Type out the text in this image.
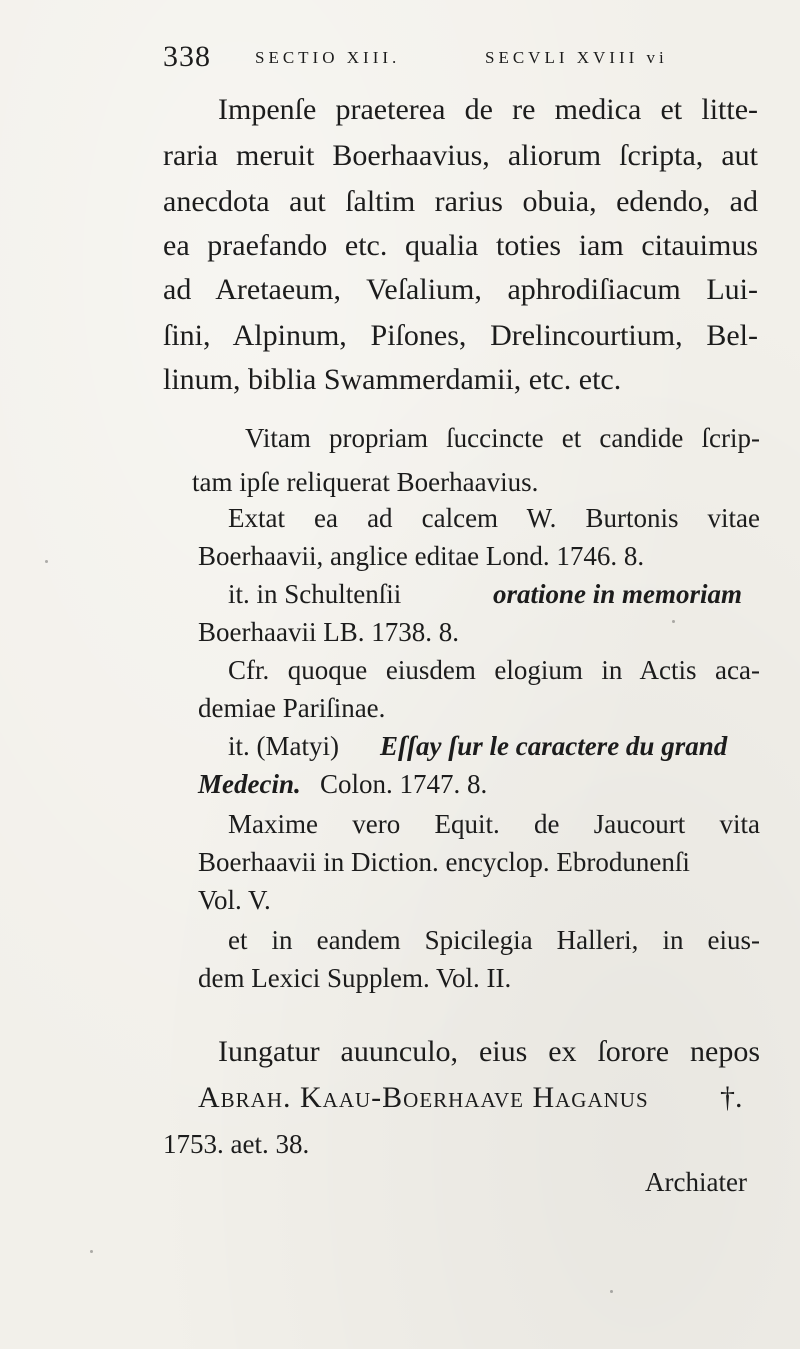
338	SECTIO XIII.	SECVLI XVIII vi
Impenſe praeterea de re medica et litte-
raria meruit Boerhaavius, aliorum ſcripta, aut
anecdota aut ſaltim rarius obuia, edendo, ad
ea praefando etc. qualia toties iam citauimus
ad Aretaeum, Veſalium, aphrodiſiacum Lui-
ſini, Alpinum, Piſones, Drelincourtium, Bel-
linum, biblia Swammerdamii, etc. etc.
Vitam propriam ſuccincte et candide ſcrip-
tam ipſe reliquerat Boerhaavius.
Extat ea ad calcem W. Burtonis vitae
Boerhaavii, anglice editae Lond. 1746. 8.
it. in Schultenſii	oratione in memoriam
Boerhaavii LB. 1738. 8.
Cfr. quoque eiusdem elogium in Actis aca-
demiae Pariſinae.
it. (Matyi) Eſſay ſur le caractere du grand
Medecin. Colon. 1747. 8.
Maxime vero Equit. de Jaucourt vita
Boerhaavii in Diction. encyclop. Ebrodunenſi
Vol. V.
et in eandem Spicilegia Halleri, in eius-
dem Lexici Supplem. Vol. II.
Iungatur auunculo, eius ex ſorore nepos
Abrah. Kaau-Boerhaave Haganus †.
1753. aet. 38.
Archiater
